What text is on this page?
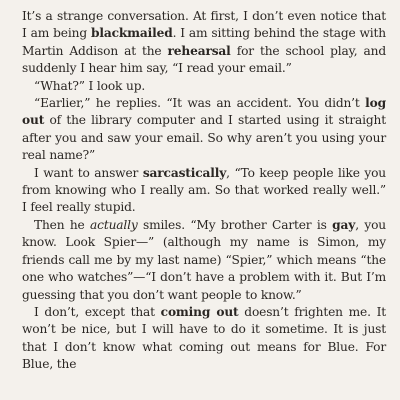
It’s a strange conversation. At first, I don’t even notice that I am being blackmailed. I am sitting behind the stage with Martin Addison at the rehearsal for the school play, and suddenly I hear him say, “I read your email.”

“What?” I look up.

“Earlier,” he replies. “It was an accident. You didn’t log out of the library computer and I started using it straight after you and saw your email. So why aren’t you using your real name?”

I want to answer sarcastically, “To keep people like you from knowing who I really am. So that worked really well.” I feel really stupid.

Then he actually smiles. “My brother Carter is gay, you know. Look Spier—” (although my name is Simon, my friends call me by my last name) “Spier,” which means “the one who watches”—“I don’t have a problem with it. But I’m guessing that you don’t want people to know.”

I don’t, except that coming out doesn’t frighten me. It won’t be nice, but I will have to do it sometime. It is just that I don’t know what coming out means for Blue. For Blue, the
